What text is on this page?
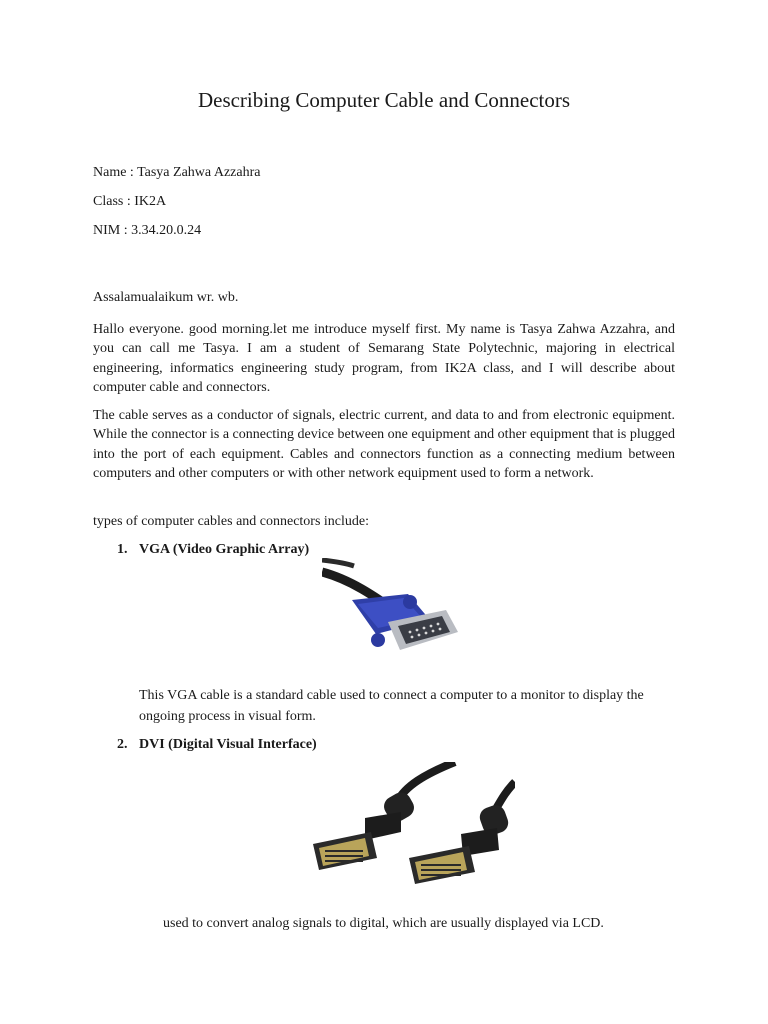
Describing Computer Cable and Connectors

Name : Tasya Zahwa Azzahra

Class : IK2A

NIM : 3.34.20.0.24

Assalamualaikum wr. wb.

Hallo everyone. good morning.let me introduce myself first. My name is Tasya Zahwa Azzahra, and you can call me Tasya. I am a student of Semarang State Polytechnic, majoring in electrical engineering, informatics engineering study program, from IK2A class, and I will describe about computer cable and connectors.

The cable serves as a conductor of signals, electric current, and data to and from electronic equipment. While the connector is a connecting device between one equipment and other equipment that is plugged into the port of each equipment. Cables and connectors function as a connecting medium between computers and other computers or with other network equipment used to form a network.

types of computer cables and connectors include:

1. VGA (Video Graphic Array)

This VGA cable is a standard cable used to connect a computer to a monitor to display the ongoing process in visual form.

2. DVI (Digital Visual Interface)

used to convert analog signals to digital, which are usually displayed via LCD.
